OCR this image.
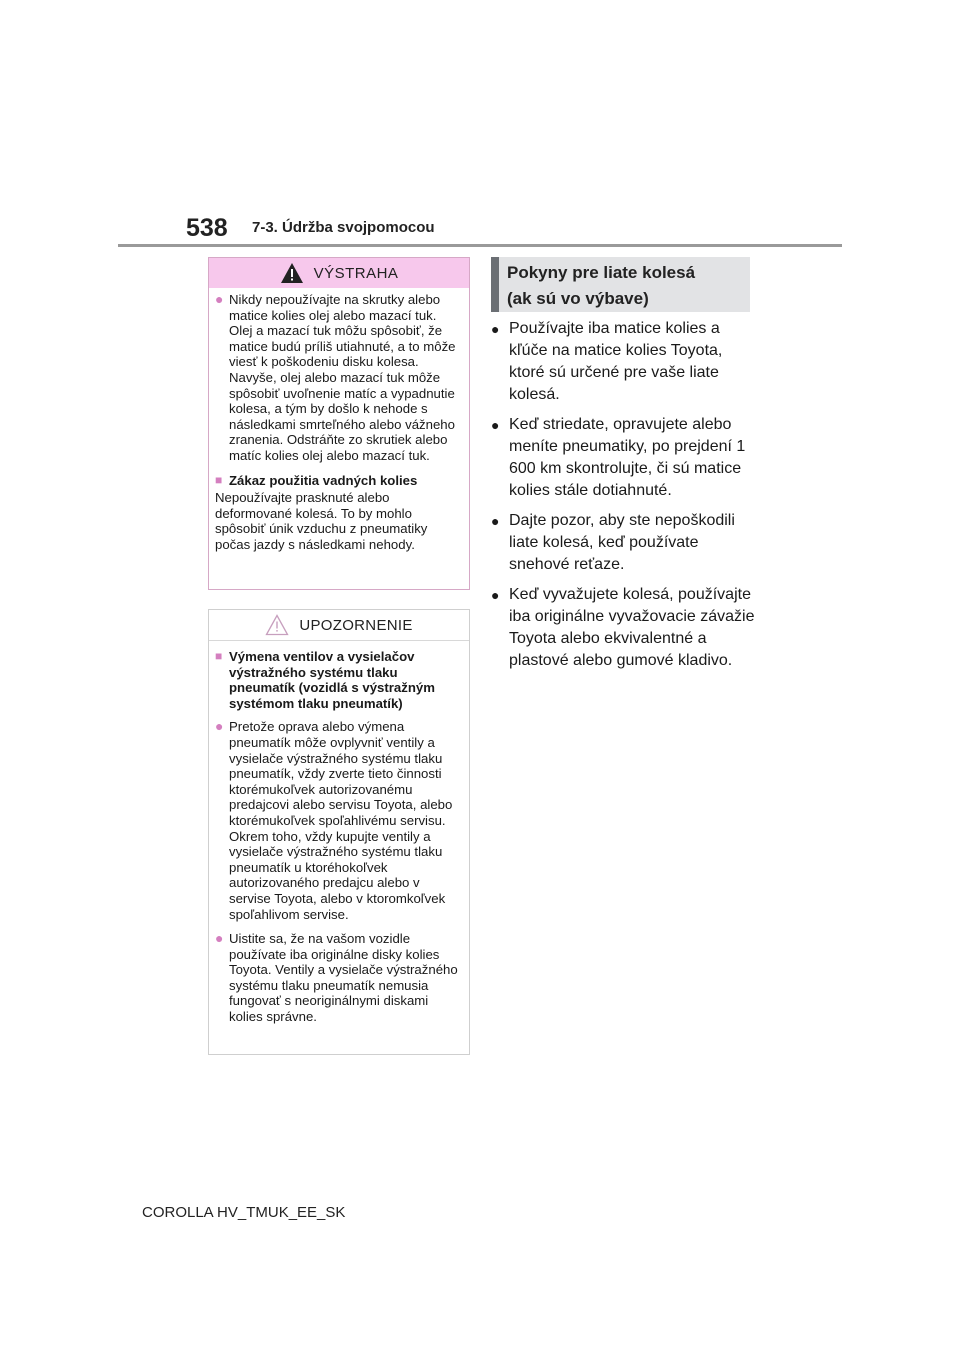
538 7-3. Údržba svojpomocou
VÝSTRAHA
● Nikdy nepoužívajte na skrutky alebo matice kolies olej alebo mazací tuk. Olej a mazací tuk môžu spôsobiť, že matice budú príliš utiahnuté, a to môže viesť k poškodeniu disku kolesa. Navyše, olej alebo mazací tuk môže spôsobiť uvoľnenie matíc a vypadnutie kolesa, a tým by došlo k nehode s následkami smrteľného alebo vážneho zranenia. Odstráňte zo skrutiek alebo matíc kolies olej alebo mazací tuk.
■ Zákaz použitia vadných kolies

Nepoužívajte prasknuté alebo deformované kolesá. To by mohlo spôsobiť únik vzduchu z pneumatiky počas jazdy s následkami nehody.

UPOZORNENIE
■ Výmena ventilov a vysielačov výstražného systému tlaku pneumatík (vozidlá s výstražným systémom tlaku pneumatík)
● Pretože oprava alebo výmena pneumatík môže ovplyvniť ventily a vysielače výstražného systému tlaku pneumatík, vždy zverte tieto činnosti ktorémukoľvek autorizovanému predajcovi alebo servisu Toyota, alebo ktorémukoľvek spoľahlivému servisu. Okrem toho, vždy kupujte ventily a vysielače výstražného systému tlaku pneumatík u ktoréhokoľvek autorizovaného predajcu alebo v servise Toyota, alebo v ktoromkoľvek spoľahlivom servise.
● Uistite sa, že na vašom vozidle používate iba originálne disky kolies Toyota. Ventily a vysielače výstražného systému tlaku pneumatík nemusia fungovať s neoriginálnymi diskami kolies správne.
Pokyny pre liate kolesá
(ak sú vo výbave)
● Používajte iba matice kolies a kľúče na matice kolies Toyota, ktoré sú určené pre vaše liate kolesá.
● Keď striedate, opravujete alebo meníte pneumatiky, po prejdení 1 600 km skontrolujte, či sú matice kolies stále dotiahnuté.
● Dajte pozor, aby ste nepoškodili liate kolesá, keď používate snehové reťaze.
● Keď vyvažujete kolesá, používajte iba originálne vyvažovacie závažie Toyota alebo ekvivalentné a plastové alebo gumové kladivo.
COROLLA HV_TMUK_EE_SK
